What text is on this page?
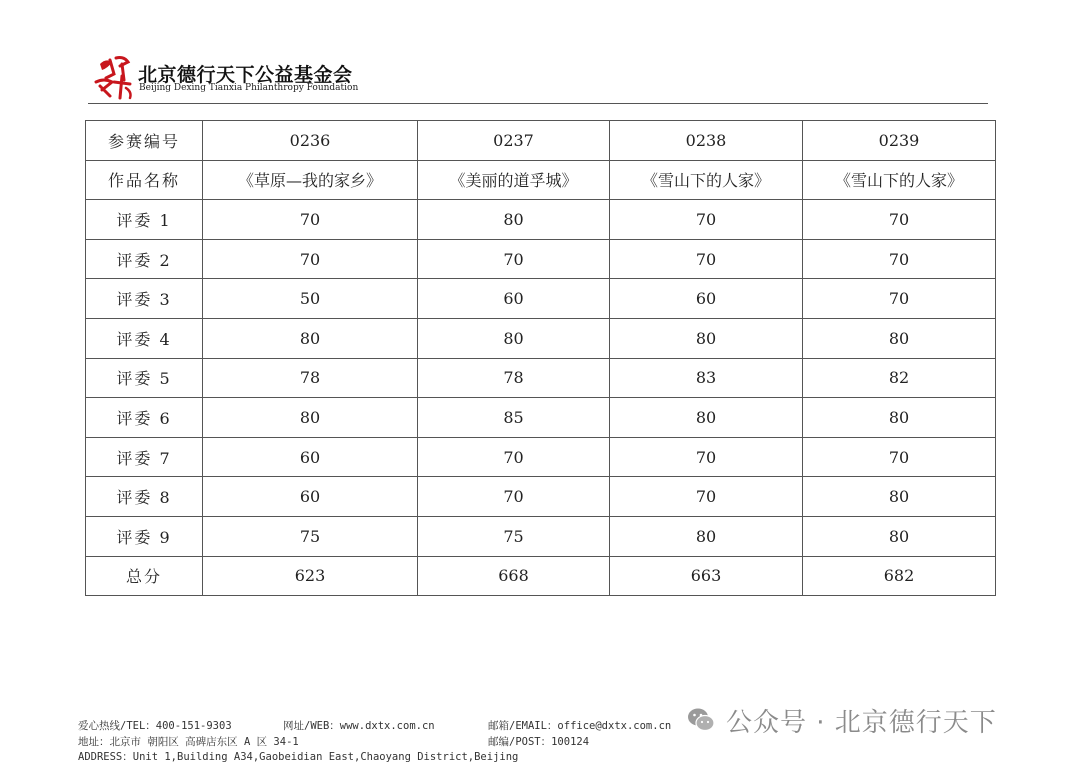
北京德行天下公益基金会
Beijing Dexing Tianxia Philanthropy Foundation
参赛编号	0236	0237	0238	0239
作品名称	《草原—我的家乡》	《美丽的道孚城》	《雪山下的人家》	《雪山下的人家》
评委 1	70	80	70	70
评委 2	70	70	70	70
评委 3	50	60	60	70
评委 4	80	80	80	80
评委 5	78	78	83	82
评委 6	80	85	80	80
评委 7	60	70	70	70
评委 8	60	70	70	80
评委 9	75	75	80	80
总分	623	668	663	682
爱心热线/TEL：400-151-9303	网址/WEB：www.dxtx.com.cn	邮箱/EMAIL：office@dxtx.com.cn
地址：北京市 朝阳区 高碑店东区 A 区 34-1	邮编/POST：100124
ADDRESS：Unit 1,Building A34,Gaobeidian East,Chaoyang District,Beijing
公众号 · 北京德行天下
